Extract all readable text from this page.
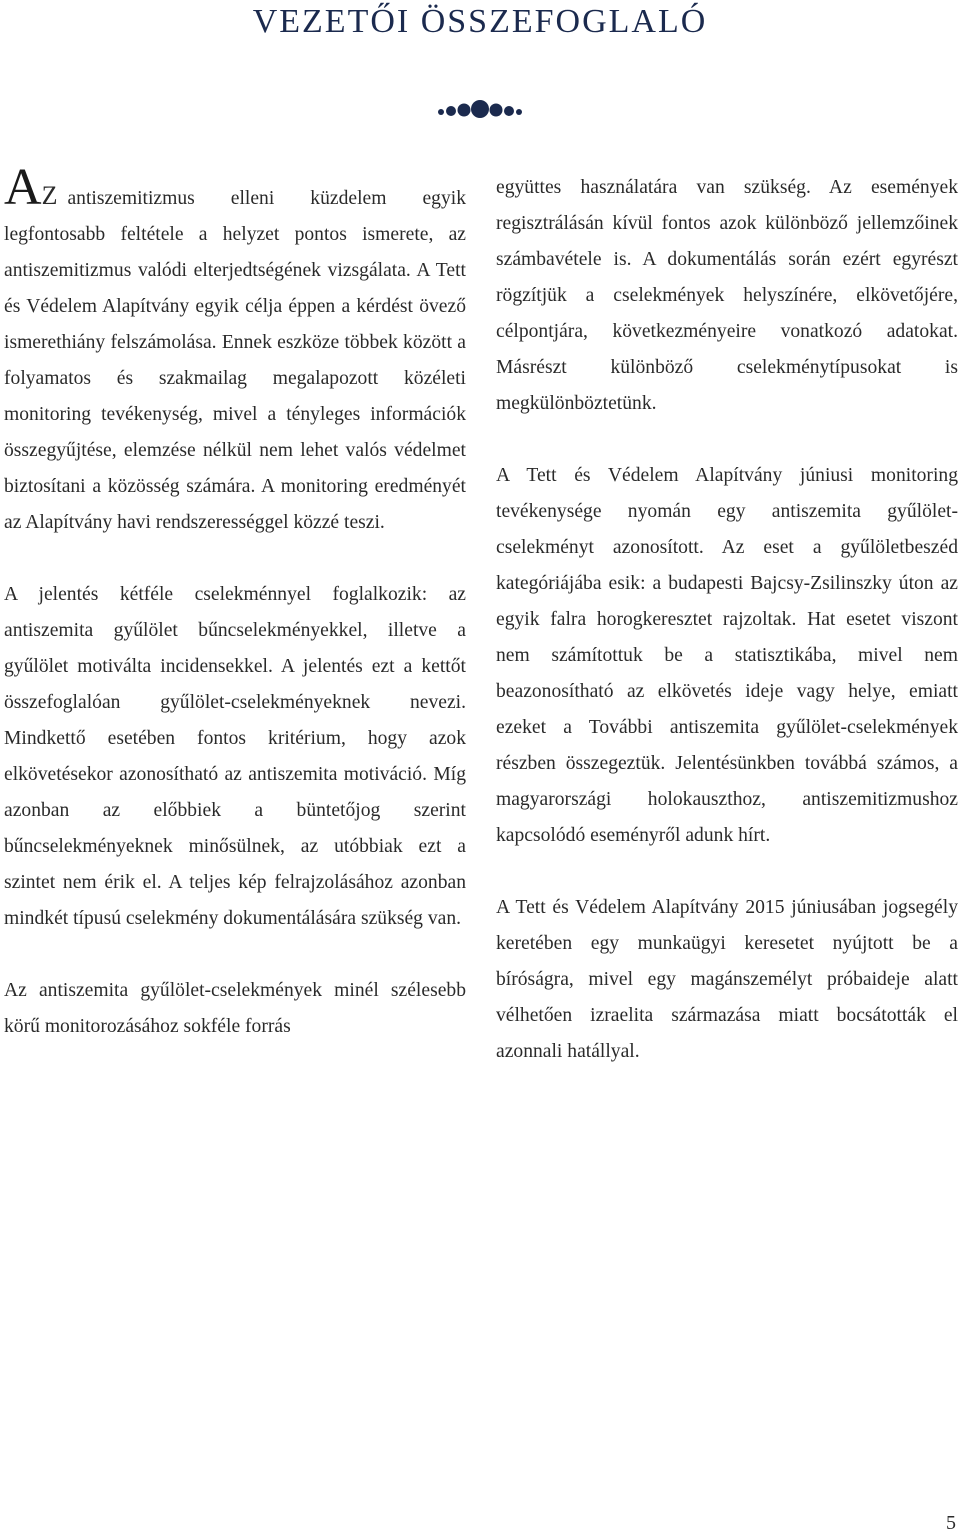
VEZETŐI ÖSSZEFOGLALÓ

AZ antiszemitizmus elleni küzdelem egyik legfontosabb feltétele a helyzet pontos ismerete, az antiszemitizmus valódi elterjedtségének vizsgálata. A Tett és Védelem Alapítvány egyik célja éppen a kérdést övező ismerethiány felszámolása. Ennek eszköze többek között a folyamatos és szakmailag megalapozott közéleti monitoring tevékenység, mivel a tényleges információk összegyűjtése, elemzése nélkül nem lehet valós védelmet biztosítani a közösség számára. A monitoring eredményét az Alapítvány havi rendszerességgel közzé teszi.

A jelentés kétféle cselekménnyel foglalkozik: az antiszemita gyűlölet bűncselekményekkel, illetve a gyűlölet motiválta incidensekkel. A jelentés ezt a kettőt összefoglalóan gyűlölet-cselekményeknek nevezi. Mindkettő esetében fontos kritérium, hogy azok elkövetésekor azonosítható az antiszemita motiváció. Míg azonban az előbbiek a büntetőjog szerint bűncselekményeknek minősülnek, az utóbbiak ezt a szintet nem érik el. A teljes kép felrajzolásához azonban mindkét típusú cselekmény dokumentálására szükség van.

Az antiszemita gyűlölet-cselekmények minél szélesebb körű monitorozásához sokféle forrás

együttes használatára van szükség. Az események regisztrálásán kívül fontos azok különböző jellemzőinek számbavétele is. A dokumentálás során ezért egyrészt rögzítjük a cselekmények helyszínére, elkövetőjére, célpontjára, következményeire vonatkozó adatokat. Másrészt különböző cselekménytípusokat is megkülönböztetünk.

A Tett és Védelem Alapítvány júniusi monitoring tevékenysége nyomán egy antiszemita gyűlölet-cselekményt azonosított. Az eset a gyűlöletbeszéd kategóriájába esik: a budapesti Bajcsy-Zsilinszky úton az egyik falra horogkeresztet rajzoltak. Hat esetet viszont nem számítottuk be a statisztikába, mivel nem beazonosítható az elkövetés ideje vagy helye, emiatt ezeket a További antiszemita gyűlölet-cselekmények részben összegeztük. Jelentésünkben továbbá számos, a magyarországi holokauszthoz, antiszemitizmushoz kapcsolódó eseményről adunk hírt.

A Tett és Védelem Alapítvány 2015 júniusában jogsegély keretében egy munkaügyi keresetet nyújtott be a bíróságra, mivel egy magánszemélyt próbaideje alatt vélhetően izraelita származása miatt bocsátották el azonnali hatállyal.

5
